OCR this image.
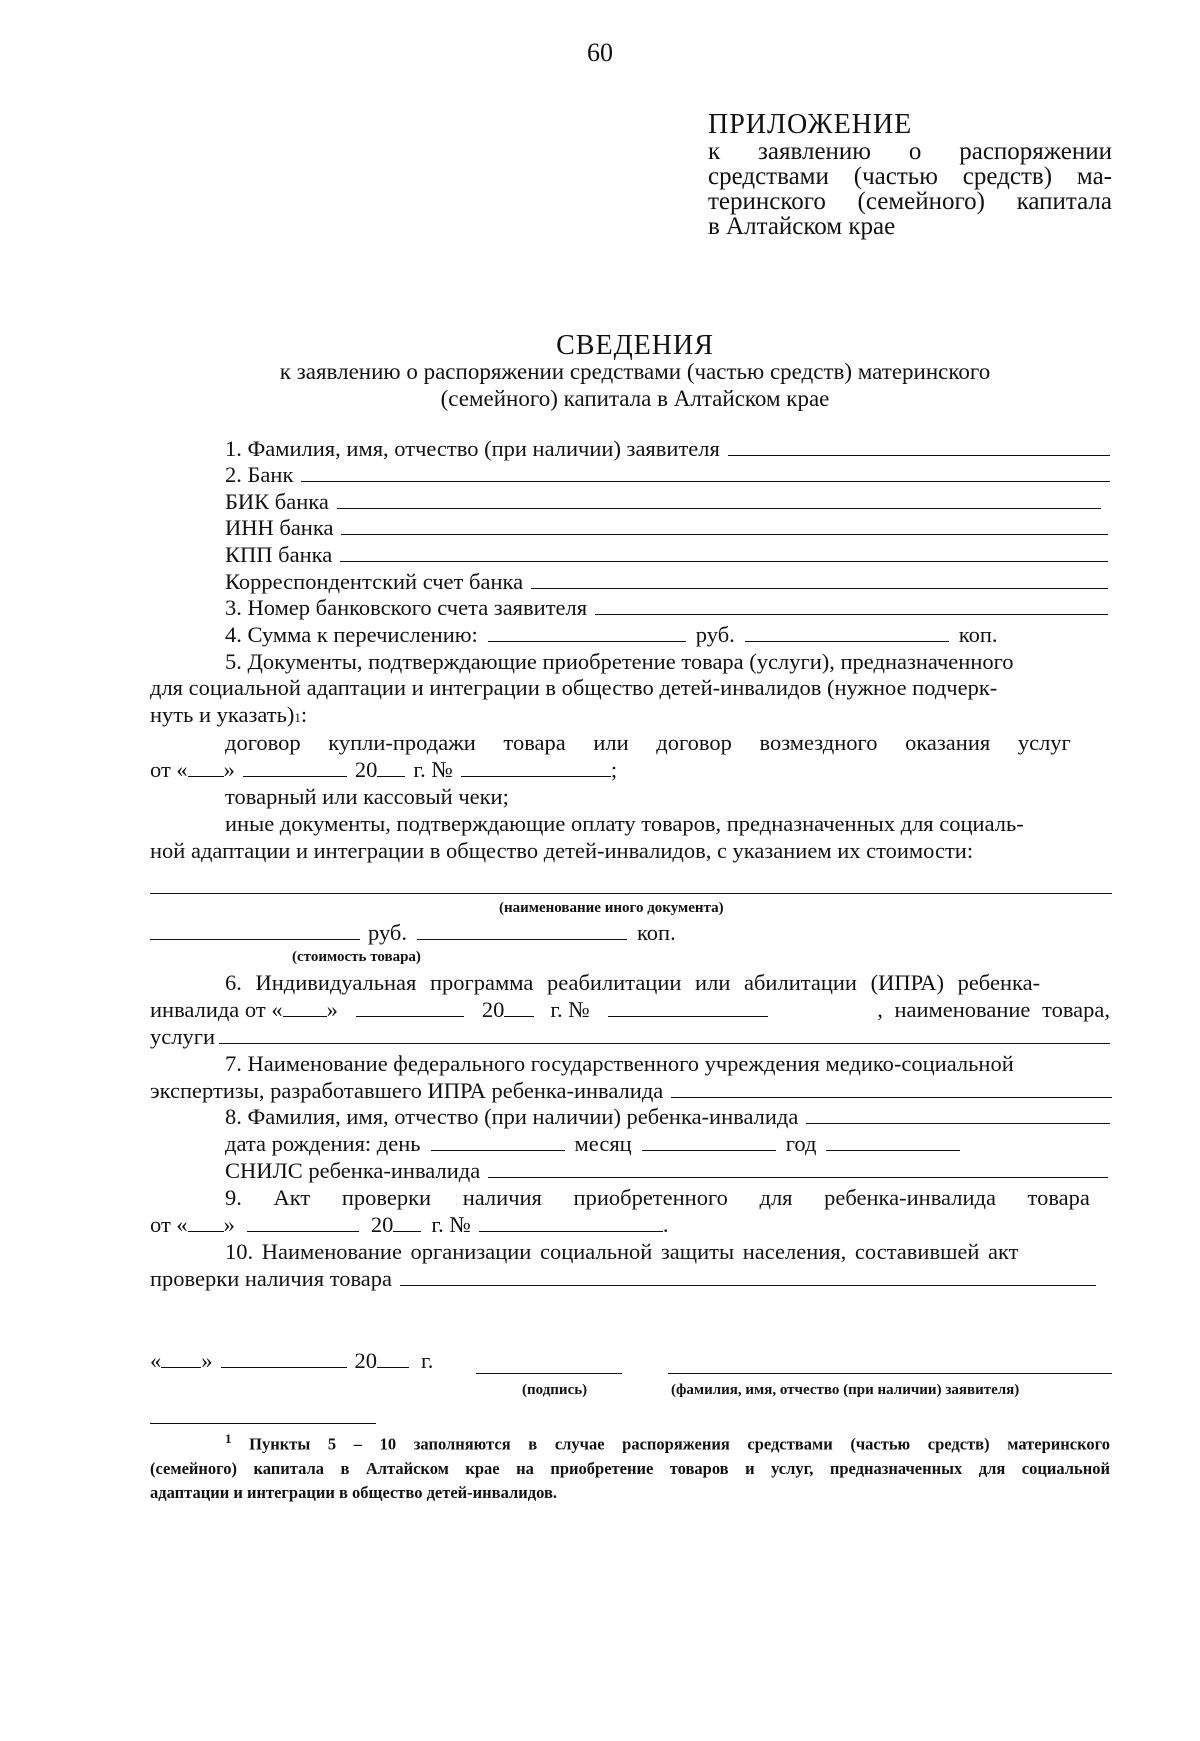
60
ПРИЛОЖЕНИЕ
к заявлению о распоряжении
средствами (частью средств) ма-
теринского (семейного) капитала
в Алтайском крае
СВЕДЕНИЯ
к заявлению о распоряжении средствами (частью средств) материнского
(семейного) капитала в Алтайском крае
1. Фамилия, имя, отчество (при наличии) заявителя
2. Банк
БИК банка
ИНН банка
КПП банка
Корреспондентский счет банка
3. Номер банковского счета заявителя
4. Сумма к перечислению:	руб.	коп.
5. Документы, подтверждающие приобретение товара (услуги), предназначенного
для социальной адаптации и интеграции в общество детей-инвалидов (нужное подчерк-
нуть и указать) 1 :
договор купли-продажи товара или договор возмездного оказания услуг
от « »	20 г. №	;
товарный или кассовый чеки;
иные документы, подтверждающие оплату товаров, предназначенных для социаль-
ной адаптации и интеграции в общество детей-инвалидов, с указанием их стоимости:
(наименование иного документа)
руб.	коп.
(стоимость товара)
6. Индивидуальная программа реабилитации или абилитации (ИПРА) ребенка-
инвалида от « »	20 г. №	, наименование товара,
услуги
7. Наименование федерального государственного учреждения медико-социальной
экспертизы, разработавшего ИПРА ребенка-инвалида
8. Фамилия, имя, отчество (при наличии) ребенка-инвалида
дата рождения: день	месяц	год
СНИЛС ребенка-инвалида
9. Акт проверки наличия приобретенного для ребенка-инвалида товара
от « »	20 г. №	.
10. Наименование организации социальной защиты населения, составившей акт
проверки наличия товара
« »	20 г.
(подпись)	(фамилия, имя, отчество (при наличии) заявителя)
$^1$ Пункты 5 – 10 заполняются в случае распоряжения средствами (частью средств) материнского
(семейного) капитала в Алтайском крае на приобретение товаров и услуг, предназначенных для социальной
адаптации и интеграции в общество детей-инвалидов.
